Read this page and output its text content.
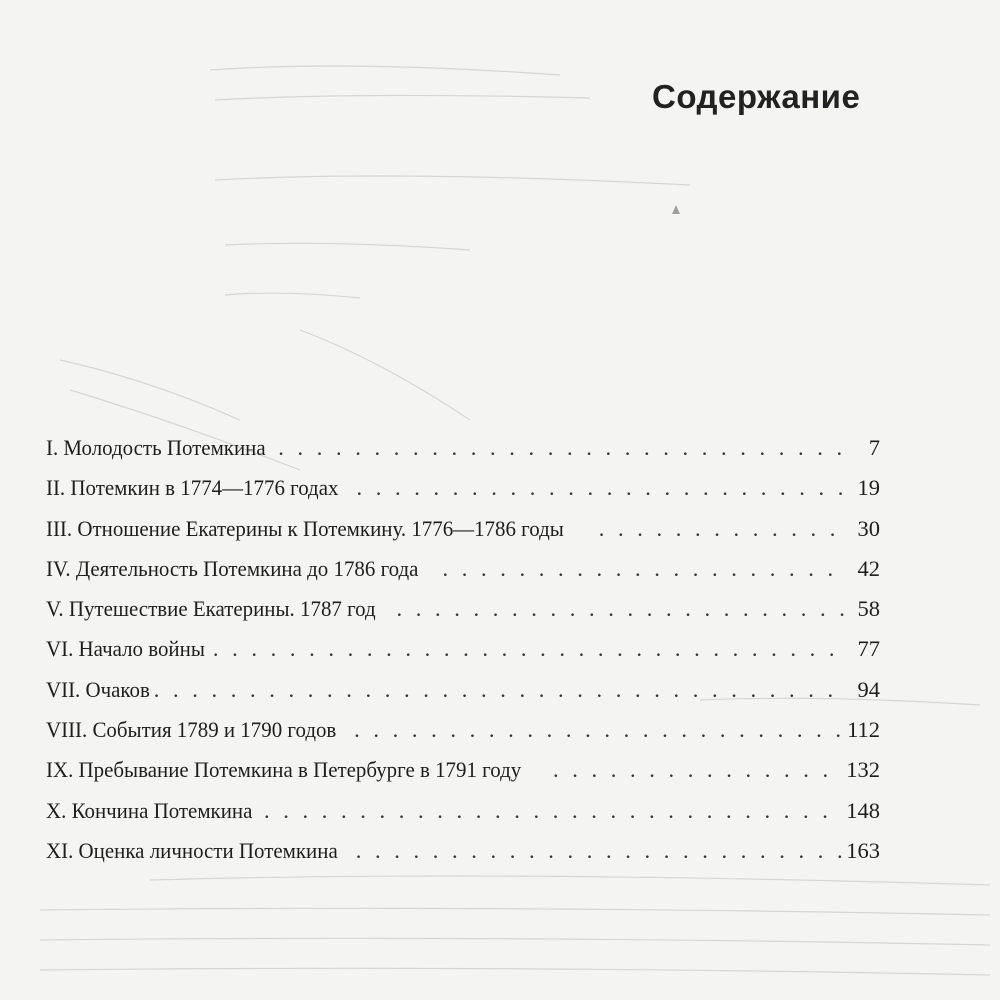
Содержание
I. Молодость Потемкина . . .	7
II. Потемкин в 1774—1776 годах . . .	19
III. Отношение Екатерины к Потемкину. 1776—1786 годы . . .	30
IV. Деятельность Потемкина до 1786 года . . .	42
V. Путешествие Екатерины. 1787 год . . .	58
VI. Начало войны . . .	77
VII. Очаков . . .	94
VIII. События 1789 и 1790 годов . . .	112
IX. Пребывание Потемкина в Петербурге в 1791 году . . .	132
X. Кончина Потемкина . . .	148
XI. Оценка личности Потемкина . . .	163
